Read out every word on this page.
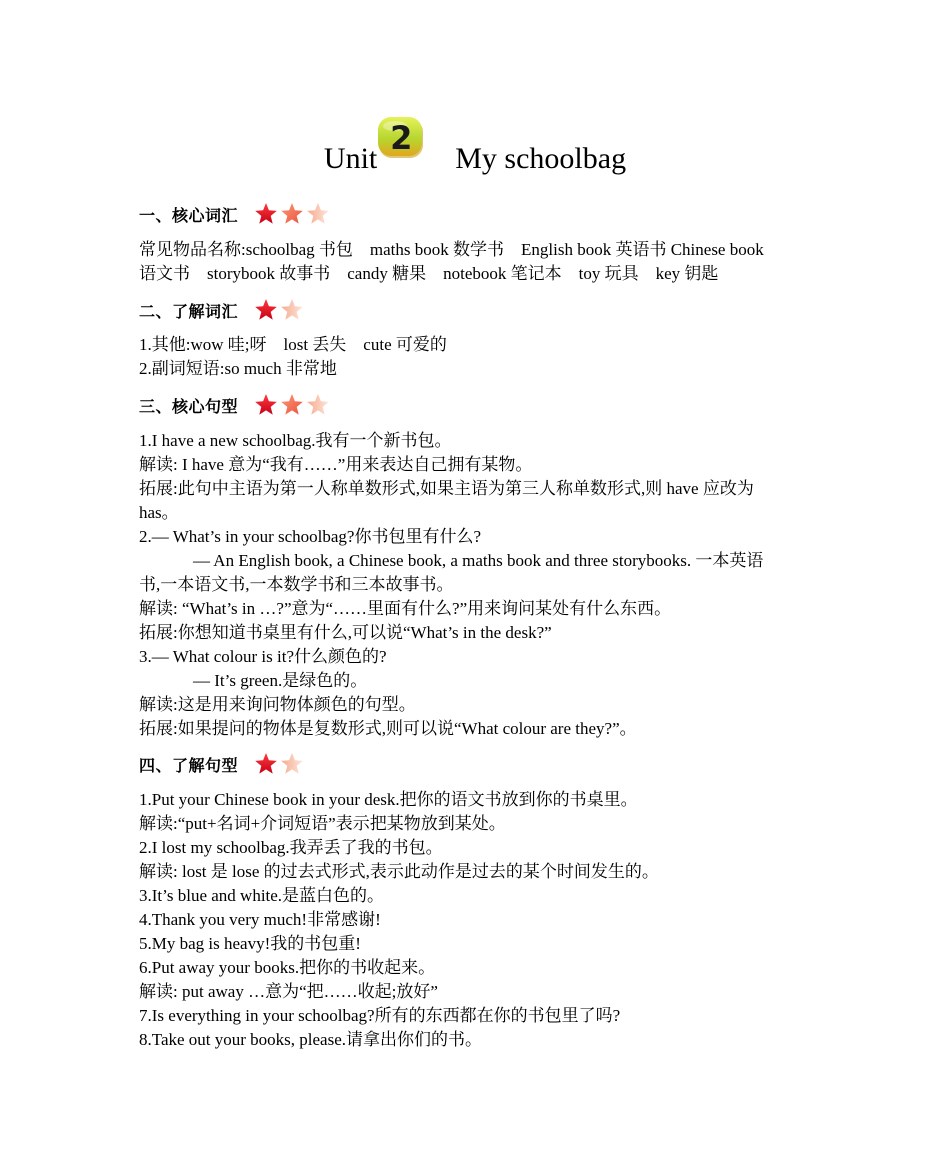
Unit
2
My schoolbag
一、核心词汇
常见物品名称:schoolbag 书包　maths book 数学书　English book 英语书 Chinese book
语文书　storybook 故事书　candy 糖果　notebook 笔记本　toy 玩具　key 钥匙
二、了解词汇
1.其他:wow 哇;呀　lost 丢失　cute 可爱的
2.副词短语:so much 非常地
三、核心句型
1.I have a new schoolbag.我有一个新书包。
解读: I have 意为“我有……”用来表达自己拥有某物。
拓展:此句中主语为第一人称单数形式,如果主语为第三人称单数形式,则 have 应改为
has。
2.— What’s in your schoolbag?你书包里有什么?
— An English book, a Chinese book, a maths book and three storybooks. 一本英语
书,一本语文书,一本数学书和三本故事书。
解读: “What’s in …?”意为“……里面有什么?”用来询问某处有什么东西。
拓展:你想知道书桌里有什么,可以说“What’s in the desk?”
3.— What colour is it?什么颜色的?
— It’s green.是绿色的。
解读:这是用来询问物体颜色的句型。
拓展:如果提问的物体是复数形式,则可以说“What colour are they?”。
四、了解句型
1.Put your Chinese book in your desk.把你的语文书放到你的书桌里。
解读:“put+名词+介词短语”表示把某物放到某处。
2.I lost my schoolbag.我弄丢了我的书包。
解读: lost 是 lose 的过去式形式,表示此动作是过去的某个时间发生的。
3.It’s blue and white.是蓝白色的。
4.Thank you very much!非常感谢!
5.My bag is heavy!我的书包重!
6.Put away your books.把你的书收起来。
解读: put away …意为“把……收起;放好”
7.Is everything in your schoolbag?所有的东西都在你的书包里了吗?
8.Take out your books, please.请拿出你们的书。
